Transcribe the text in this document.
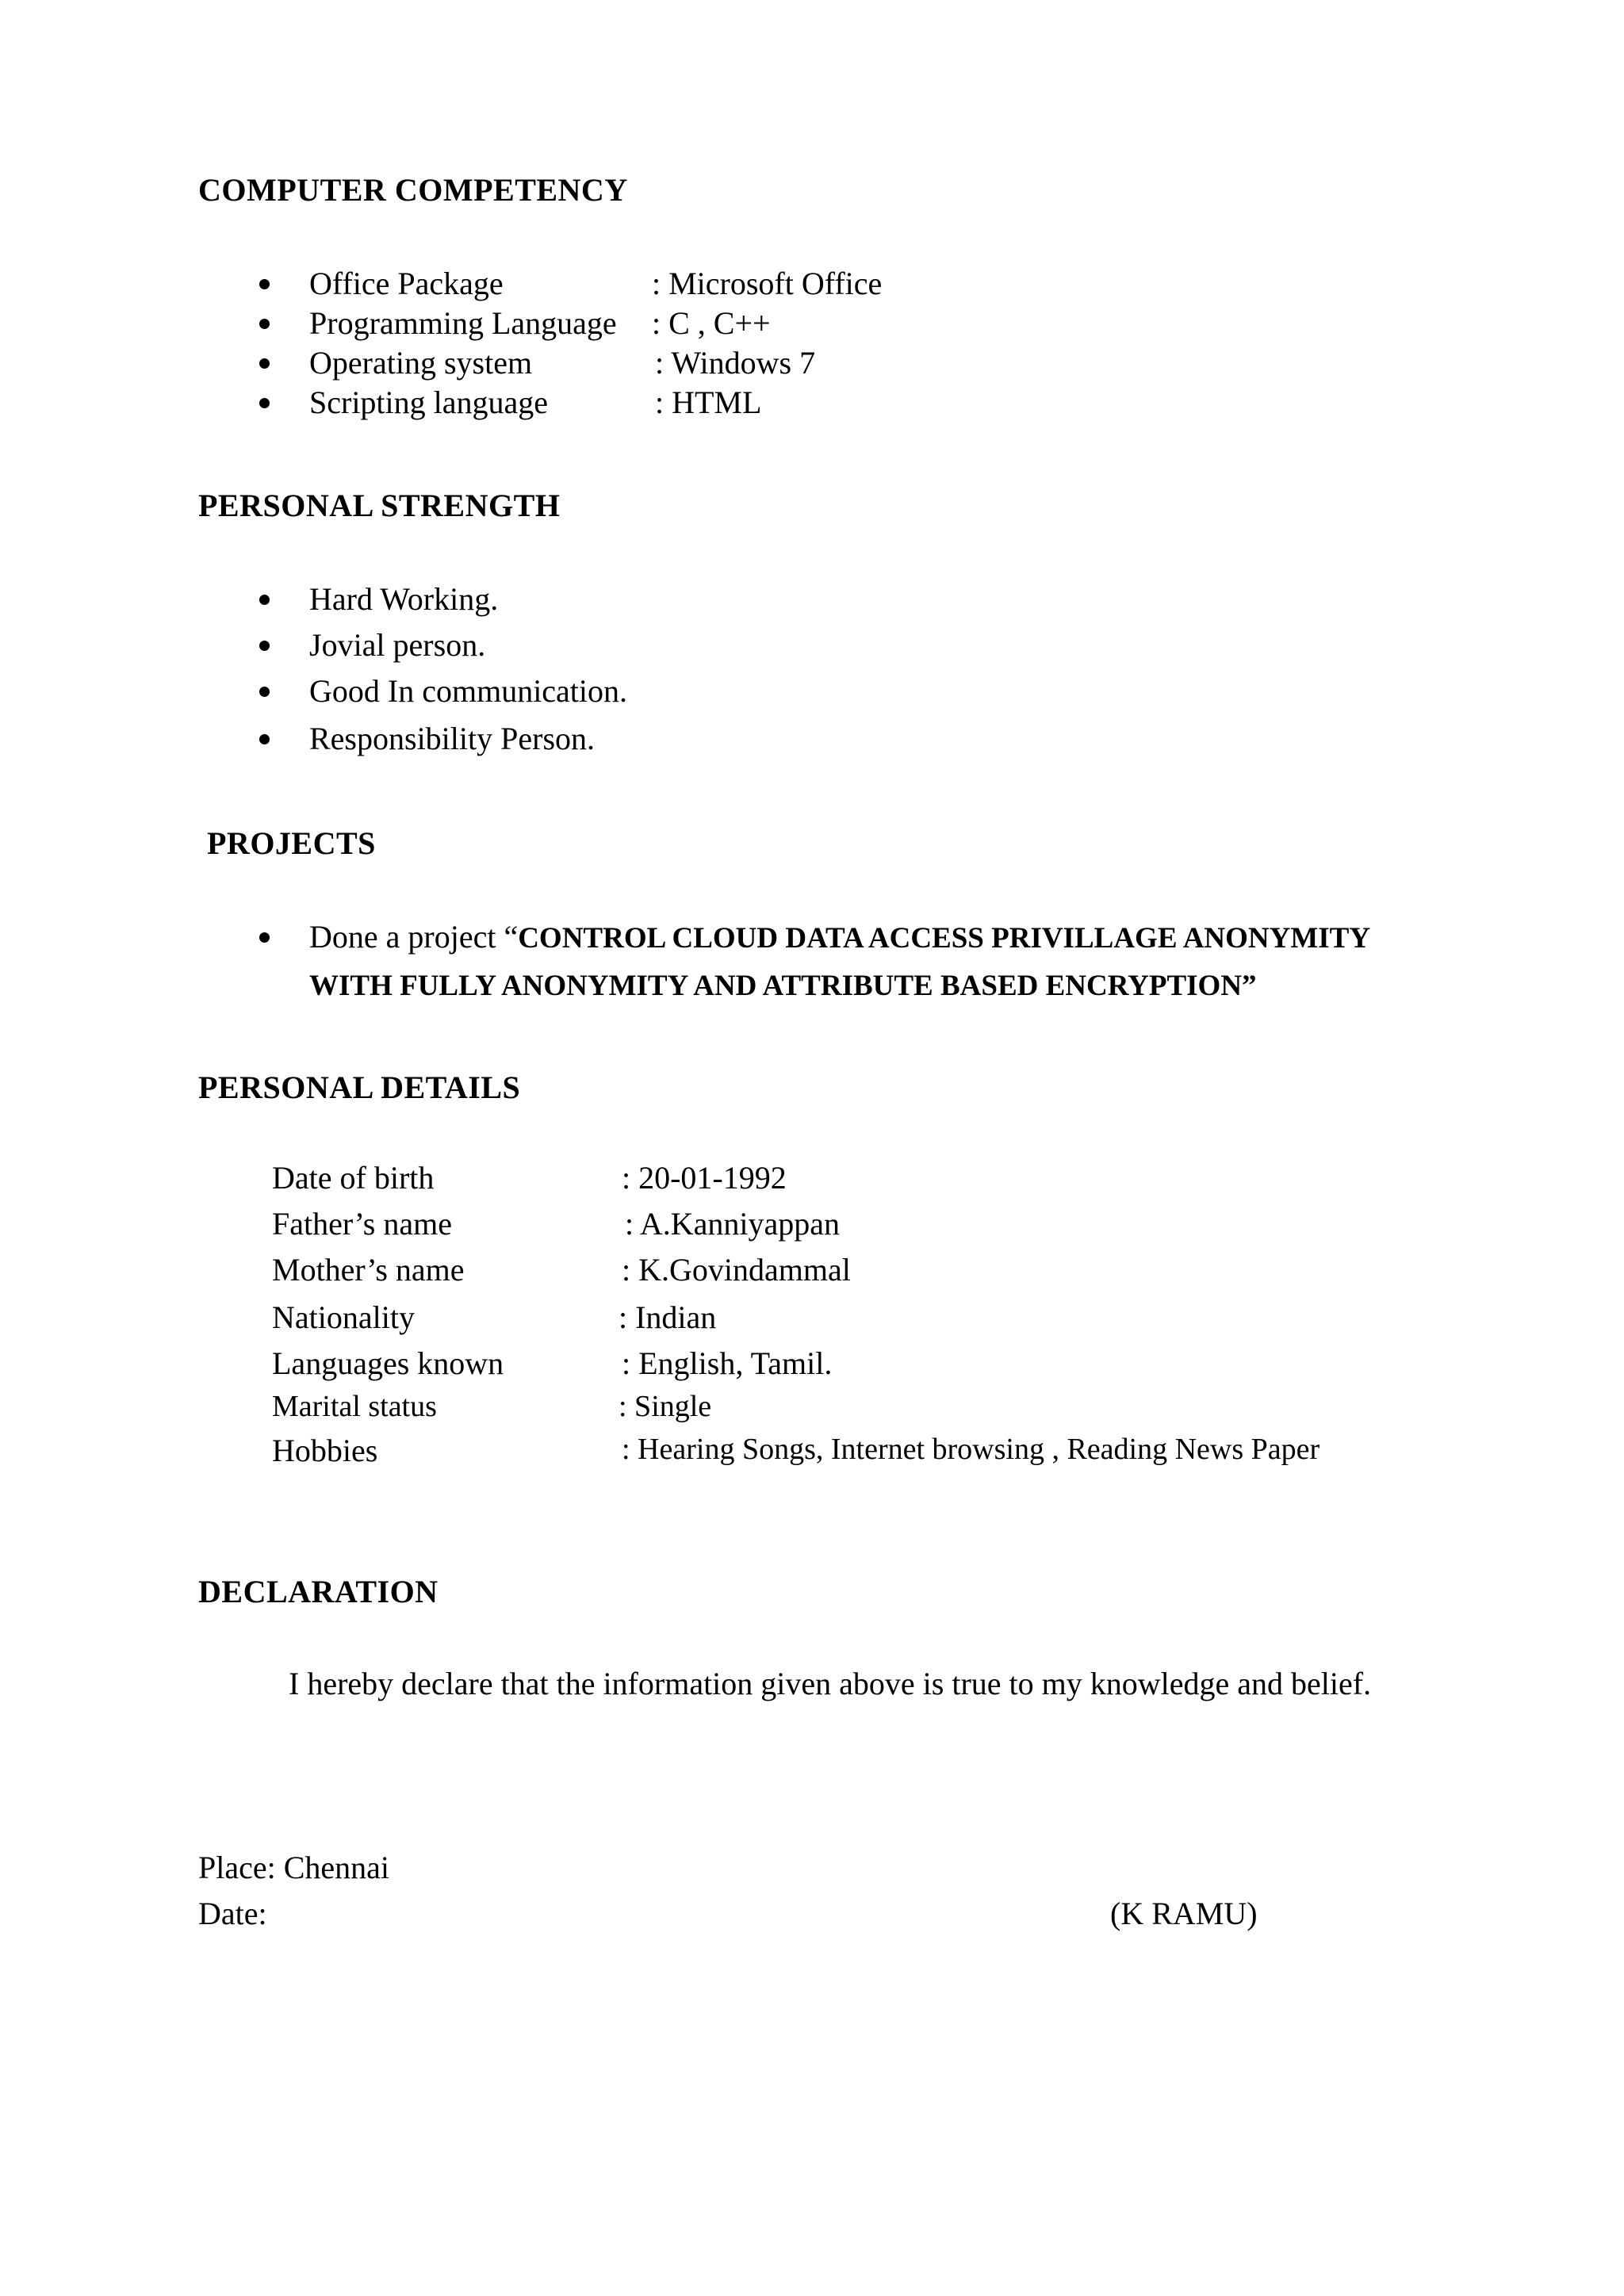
COMPUTER COMPETENCY
Office Package	: Microsoft Office
Programming Language : C , C++
Operating system	: Windows 7
Scripting language	: HTML
PERSONAL STRENGTH
Hard Working.
Jovial person.
Good In communication.
Responsibility Person.
PROJECTS
Done a project “CONTROL CLOUD DATA ACCESS PRIVILLAGE ANONYMITY
WITH FULLY ANONYMITY AND ATTRIBUTE BASED ENCRYPTION”
PERSONAL DETAILS
Date of birth	: 20-01-1992
Father’s name	: A.Kanniyappan
Mother’s name	: K.Govindammal
Nationality	: Indian
Languages known	: English, Tamil.
Marital status	: Single
Hobbies	: Hearing Songs, Internet browsing , Reading News Paper
DECLARATION
I hereby declare that the information given above is true to my knowledge and belief.
Place: Chennai
Date:	(K RAMU)
